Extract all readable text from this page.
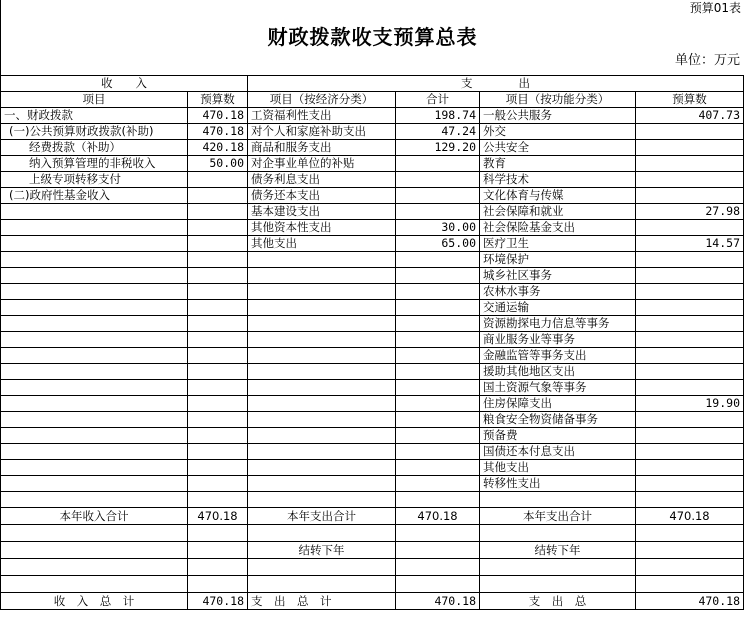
预算01表
财政拨款收支预算总表
单位：万元
收　　入		支　　　　出			
项目	预算数	项目（按经济分类）	合计	项目（按功能分类）	预算数
一、财政拨款	470.18	工资福利性支出	198.74	一般公共服务	407.73
(一)公共预算财政拨款(补助)	470.18	对个人和家庭补助支出	47.24	外交	
经费拨款（补助）	420.18	商品和服务支出	129.20	公共安全	
纳入预算管理的非税收入	50.00	对企事业单位的补贴		教育	
上级专项转移支付		债务利息支出		科学技术	
(二)政府性基金收入		债务还本支出		文化体育与传媒	
		基本建设支出		社会保障和就业	27.98
		其他资本性支出	30.00	社会保险基金支出	
		其他支出	65.00	医疗卫生	14.57
				环境保护	
				城乡社区事务	
				农林水事务	
				交通运输	
				资源勘探电力信息等事务	
				商业服务业等事务	
				金融监管等事务支出	
				援助其他地区支出	
				国土资源气象等事务	
				住房保障支出	19.90
				粮食安全物资储备事务	
				预备费	
				国债还本付息支出	
				其他支出	
				转移性支出	

本年收入合计	470.18	本年支出合计	470.18	本年支出合计	470.18

		结转下年		结转下年	

收　入　总　计	470.18	支　出　总　计	470.18	支　出　总	470.18
